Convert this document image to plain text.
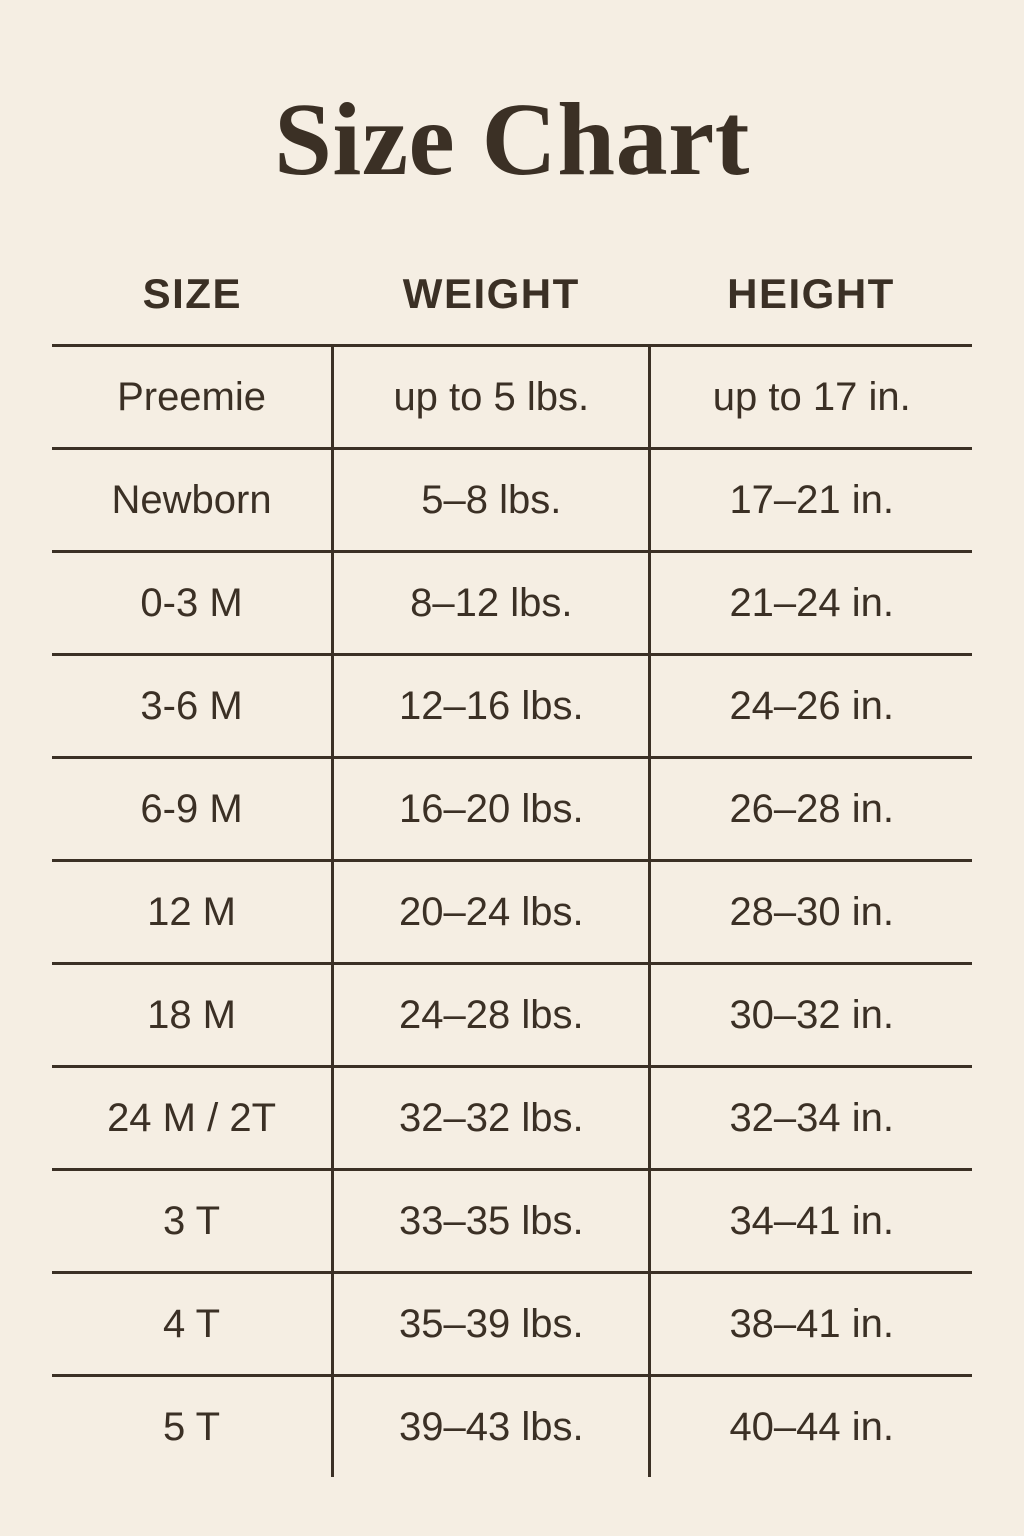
Size Chart
SIZE	WEIGHT	HEIGHT
Preemie	up to 5 lbs.	up to 17 in.
Newborn	5–8 lbs.	17–21 in.
0-3 M	8–12 lbs.	21–24 in.
3-6 M	12–16 lbs.	24–26 in.
6-9 M	16–20 lbs.	26–28 in.
12 M	20–24 lbs.	28–30 in.
18 M	24–28 lbs.	30–32 in.
24 M / 2T	32–32 lbs.	32–34 in.
3 T	33–35 lbs.	34–41 in.
4 T	35–39 lbs.	38–41 in.
5 T	39–43 lbs.	40–44 in.
